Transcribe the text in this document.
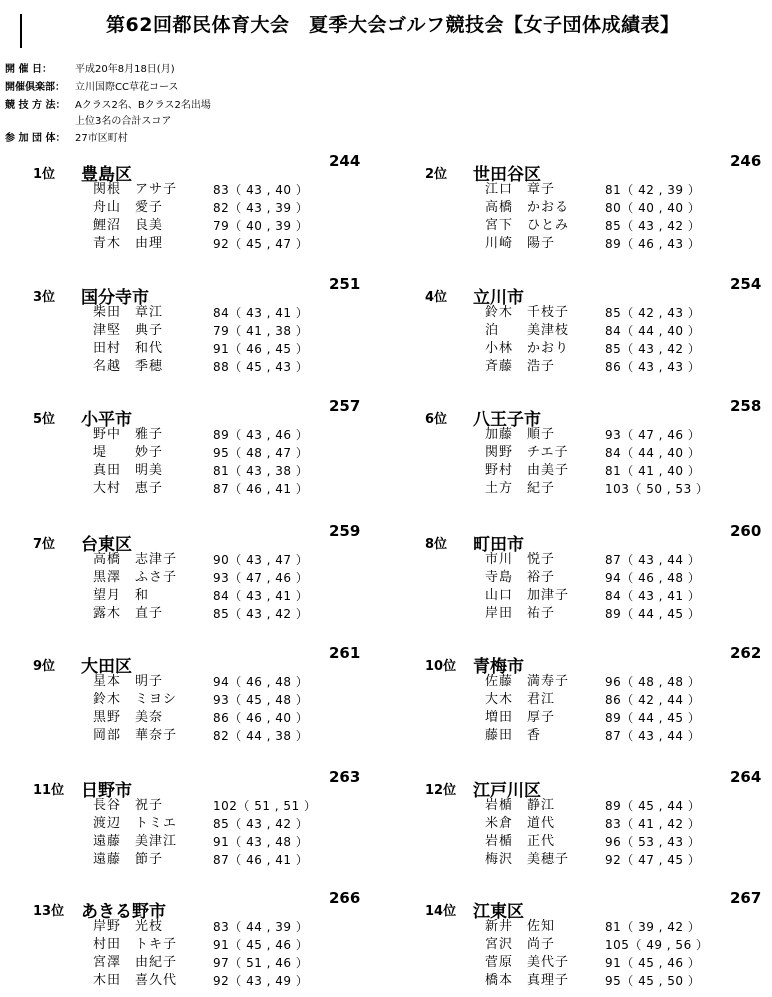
第62回都民体育大会　夏季大会ゴルフ競技会【女子団体成績表】
開 催 日： 平成20年8月18日(月)
開催倶楽部： 立川国際CC草花コース
競 技 方 法： Aクラス2名、Bクラス2名出場
上位3名の合計スコア
参 加 団 体： 27市区町村
1位 豊島区
244
関根　アサ子	83（ 43 , 40 ）
舟山　愛子	82（ 43 , 39 ）
鯉沼　良美	79（ 40 , 39 ）
青木　由理	92（ 45 , 47 ）
2位 世田谷区
246
江口　章子	81（ 42 , 39 ）
高橋　かおる	80（ 40 , 40 ）
宮下　ひとみ	85（ 43 , 42 ）
川崎　陽子	89（ 46 , 43 ）
3位 国分寺市
251
柴田　章江	84（ 43 , 41 ）
津堅　典子	79（ 41 , 38 ）
田村　和代	91（ 46 , 45 ）
名越　季穂	88（ 45 , 43 ）
4位 立川市
254
鈴木　千枝子	85（ 42 , 43 ）
泊　　美津枝	84（ 44 , 40 ）
小林　かおり	85（ 43 , 42 ）
斉藤　浩子	86（ 43 , 43 ）
5位 小平市
257
野中　雅子	89（ 43 , 46 ）
堤　　妙子	95（ 48 , 47 ）
真田　明美	81（ 43 , 38 ）
大村　恵子	87（ 46 , 41 ）
6位 八王子市
258
加藤　順子	93（ 47 , 46 ）
関野　チエ子	84（ 44 , 40 ）
野村　由美子	81（ 41 , 40 ）
土方　紀子	103（ 50 , 53 ）
7位 台東区
259
高橋　志津子	90（ 43 , 47 ）
黒澤　ふさ子	93（ 47 , 46 ）
望月　和	84（ 43 , 41 ）
露木　直子	85（ 43 , 42 ）
8位 町田市
260
市川　悦子	87（ 43 , 44 ）
寺島　裕子	94（ 46 , 48 ）
山口　加津子	84（ 43 , 41 ）
岸田　祐子	89（ 44 , 45 ）
9位 大田区
261
星本　明子	94（ 46 , 48 ）
鈴木　ミヨシ	93（ 45 , 48 ）
黒野　美奈	86（ 46 , 40 ）
岡部　華奈子	82（ 44 , 38 ）
10位 青梅市
262
佐藤　満寿子	96（ 48 , 48 ）
大木　君江	86（ 42 , 44 ）
増田　厚子	89（ 44 , 45 ）
藤田　香	87（ 43 , 44 ）
11位 日野市
263
長谷　祝子	102（ 51 , 51 ）
渡辺　トミエ	85（ 43 , 42 ）
遠藤　美津江	91（ 43 , 48 ）
遠藤　節子	87（ 46 , 41 ）
12位 江戸川区
264
岩楯　静江	89（ 45 , 44 ）
米倉　道代	83（ 41 , 42 ）
岩楯　正代	96（ 53 , 43 ）
梅沢　美穂子	92（ 47 , 45 ）
13位 あきる野市
266
岸野　光枝	83（ 44 , 39 ）
村田　トキ子	91（ 45 , 46 ）
宮澤　由紀子	97（ 51 , 46 ）
木田　喜久代	92（ 43 , 49 ）
14位 江東区
267
新井　佐知	81（ 39 , 42 ）
宮沢　尚子	105（ 49 , 56 ）
菅原　美代子	91（ 45 , 46 ）
橋本　真理子	95（ 45 , 50 ）
